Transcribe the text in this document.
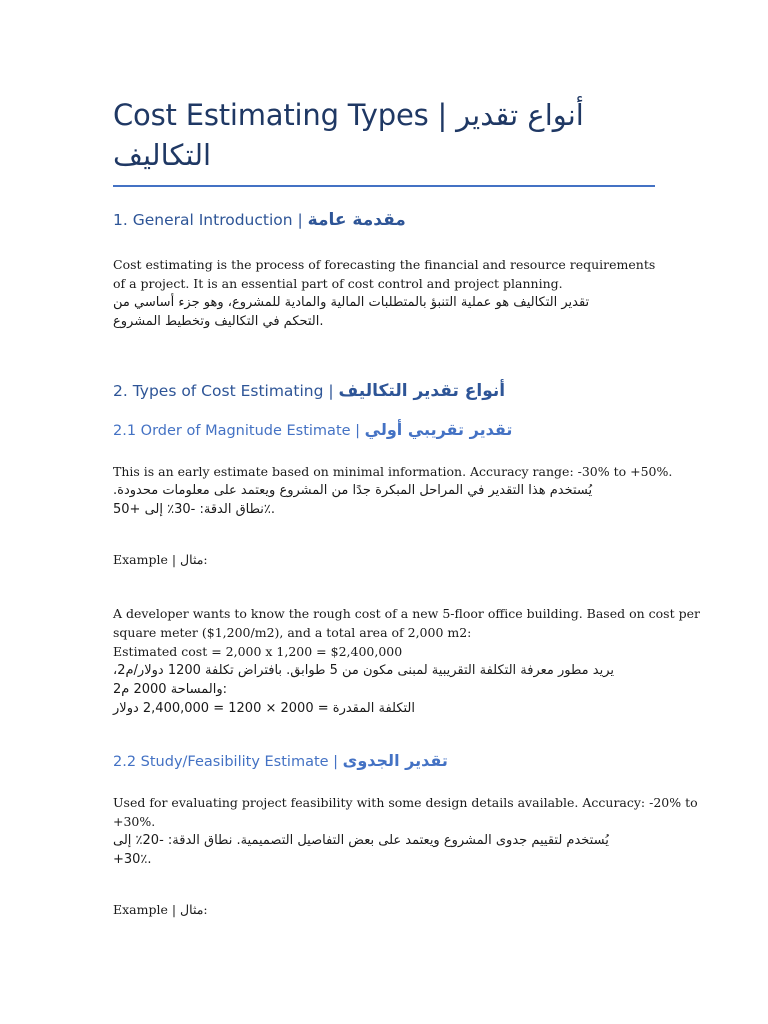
Cost Estimating Types | أنواع تقدير
التكاليف
1. General Introduction | مقدمة عامة
Cost estimating is the process of forecasting the financial and resource requirements of a project. It is an essential part of cost control and project planning.
تقدير التكاليف هو عملية التنبؤ بالمتطلبات المالية والمادية للمشروع، وهو جزء أساسي من
التحكم في التكاليف وتخطيط المشروع.
2. Types of Cost Estimating | أنواع تقدير التكاليف
2.1 Order of Magnitude Estimate | تقدير تقريبي أولي
This is an early estimate based on minimal information. Accuracy range: -30% to +50%.
يُستخدم هذا التقدير في المراحل المبكرة جدًا من المشروع ويعتمد على معلومات محدودة.
نطاق الدقة: -30٪ إلى +50٪.
Example | مثال:
A developer wants to know the rough cost of a new 5-floor office building. Based on cost per
square meter ($1,200/m2), and a total area of 2,000 m2:
Estimated cost = 2,000 x 1,200 = $2,400,000
يريد مطور معرفة التكلفة التقريبية لمبنى مكون من 5 طوابق. بافتراض تكلفة 1200 دولار/م2،
والمساحة 2000 م2:
التكلفة المقدرة = 2000 × 1200 = 2,400,000 دولار
2.2 Study/Feasibility Estimate | تقدير الجدوى
Used for evaluating project feasibility with some design details available. Accuracy: -20% to
+30%.
يُستخدم لتقييم جدوى المشروع ويعتمد على بعض التفاصيل التصميمية. نطاق الدقة: -20٪ إلى
+30٪.
Example | مثال:
